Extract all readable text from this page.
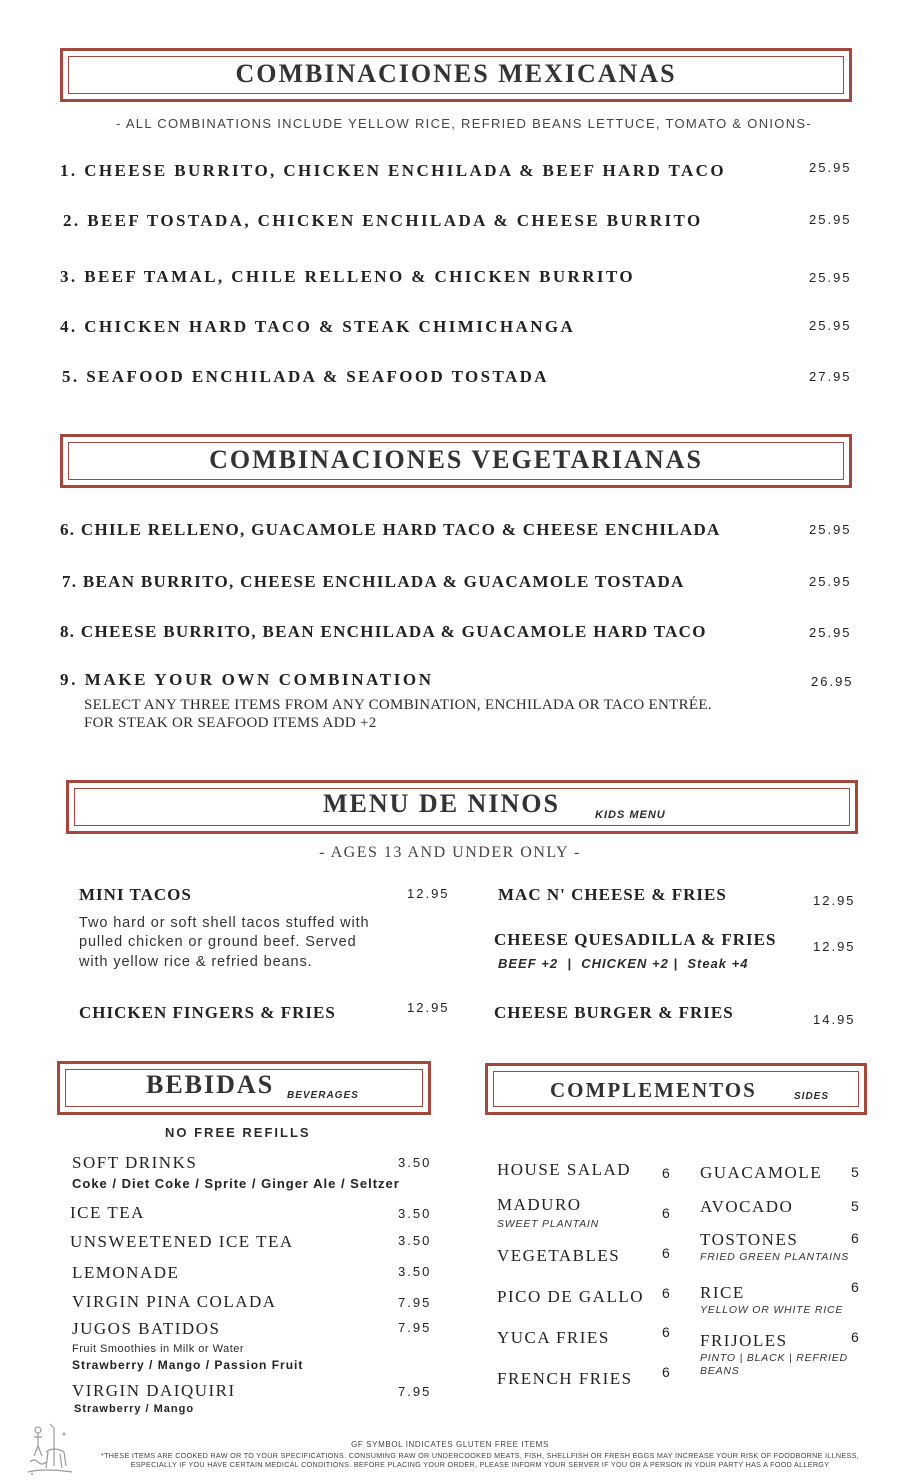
COMBINACIONES MEXICANAS
- ALL COMBINATIONS INCLUDE YELLOW RICE, REFRIED BEANS LETTUCE, TOMATO & ONIONS-
1. CHEESE BURRITO, CHICKEN ENCHILADA & BEEF HARD TACO	25.95
2. BEEF TOSTADA, CHICKEN ENCHILADA & CHEESE BURRITO	25.95
3. BEEF TAMAL, CHILE RELLENO & CHICKEN BURRITO	25.95
4. CHICKEN HARD TACO & STEAK CHIMICHANGA	25.95
5. SEAFOOD ENCHILADA & SEAFOOD TOSTADA	27.95
COMBINACIONES VEGETARIANAS
6. CHILE RELLENO, GUACAMOLE HARD TACO & CHEESE ENCHILADA	25.95
7. BEAN BURRITO, CHEESE ENCHILADA & GUACAMOLE TOSTADA	25.95
8. CHEESE BURRITO, BEAN ENCHILADA & GUACAMOLE HARD TACO	25.95
9. MAKE YOUR OWN COMBINATION	26.95
SELECT ANY THREE ITEMS FROM ANY COMBINATION, ENCHILADA OR TACO ENTRÉE.
FOR STEAK OR SEAFOOD ITEMS ADD +2
MENU DE NINOS	KIDS MENU
- AGES 13 AND UNDER ONLY -
MINI TACOS	12.95
Two hard or soft shell tacos stuffed with
pulled chicken or ground beef. Served
with yellow rice & refried beans.
CHICKEN FINGERS & FRIES	12.95
MAC N' CHEESE & FRIES	12.95
CHEESE QUESADILLA & FRIES	12.95
BEEF +2  |  CHICKEN +2 |  Steak +4
CHEESE BURGER & FRIES	14.95
BEBIDAS BEVERAGES
NO FREE REFILLS
SOFT DRINKS	3.50
Coke / Diet Coke / Sprite / Ginger Ale / Seltzer
ICE TEA	3.50
UNSWEETENED ICE TEA	3.50
LEMONADE	3.50
VIRGIN PINA COLADA	7.95
JUGOS BATIDOS	7.95
Fruit Smoothies in Milk or Water
Strawberry / Mango / Passion Fruit
VIRGIN DAIQUIRI	7.95
Strawberry / Mango
COMPLEMENTOS	SIDES
HOUSE SALAD 6
MADURO	6
SWEET PLANTAIN
VEGETABLES	6
PICO DE GALLO 6
YUCA FRIES	6
FRENCH FRIES 6
GUACAMOLE 5
AVOCADO	5
TOSTONES	6
FRIED GREEN PLANTAINS
RICE	6
YELLOW OR WHITE RICE
FRIJOLES	6
PINTO | BLACK | REFRIED
BEANS
GF SYMBOL INDICATES GLUTEN FREE ITEMS
*THESE ITEMS ARE COOKED RAW OR TO YOUR SPECIFICATIONS. CONSUMING RAW OR UNDERCOOKED MEATS, FISH, SHELLFISH OR FRESH EGGS MAY INCREASE YOUR RISK OF FOODBORNE ILLNESS,
ESPECIALLY IF YOU HAVE CERTAIN MEDICAL CONDITIONS. BEFORE PLACING YOUR ORDER, PLEASE INFORM YOUR SERVER IF YOU OR A PERSON IN YOUR PARTY HAS A FOOD ALLERGY
